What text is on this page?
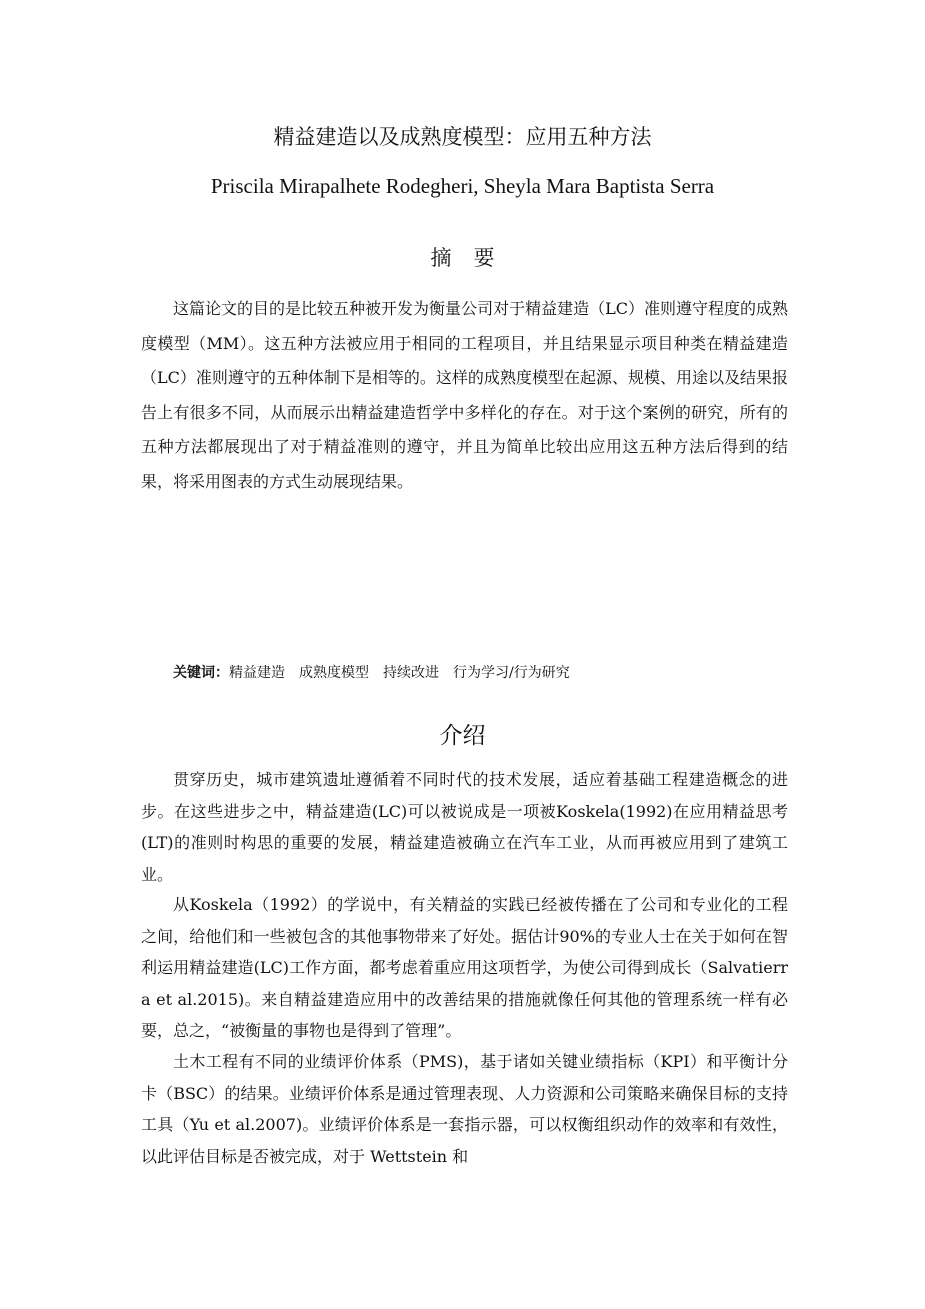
精益建造以及成熟度模型：应用五种方法
Priscila Mirapalhete Rodegheri, Sheyla Mara Baptista Serra
摘要

这篇论文的目的是比较五种被开发为衡量公司对于精益建造（LC）准则遵守程度的成熟度模型（MM）。这五种方法被应用于相同的工程项目，并且结果显示项目种类在精益建造（LC）准则遵守的五种体制下是相等的。这样的成熟度模型在起源、规模、用途以及结果报告上有很多不同，从而展示出精益建造哲学中多样化的存在。对于这个案例的研究，所有的五种方法都展现出了对于精益准则的遵守，并且为简单比较出应用这五种方法后得到的结果，将采用图表的方式生动展现结果。

关键词：精益建造 成熟度模型 持续改进 行为学习/行为研究
介绍

贯穿历史，城市建筑遗址遵循着不同时代的技术发展，适应着基础工程建造概念的进步。在这些进步之中，精益建造(LC)可以被说成是一项被Koskela(1992)在应用精益思考(LT)的准则时构思的重要的发展，精益建造被确立在汽车工业，从而再被应用到了建筑工业。

从Koskela（1992）的学说中，有关精益的实践已经被传播在了公司和专业化的工程之间，给他们和一些被包含的其他事物带来了好处。据估计90%的专业人士在关于如何在智利运用精益建造(LC)工作方面，都考虑着重应用这项哲学，为使公司得到成长（Salvatierra et al.2015)。来自精益建造应用中的改善结果的措施就像任何其他的管理系统一样有必要，总之，“被衡量的事物也是得到了管理”。

土木工程有不同的业绩评价体系（PMS)，基于诸如关键业绩指标（KPI）和平衡计分卡（BSC）的结果。业绩评价体系是通过管理表现、人力资源和公司策略来确保目标的支持工具（Yu et al.2007)。业绩评价体系是一套指示器，可以权衡组织动作的效率和有效性，以此评估目标是否被完成，对于 Wettstein 和
